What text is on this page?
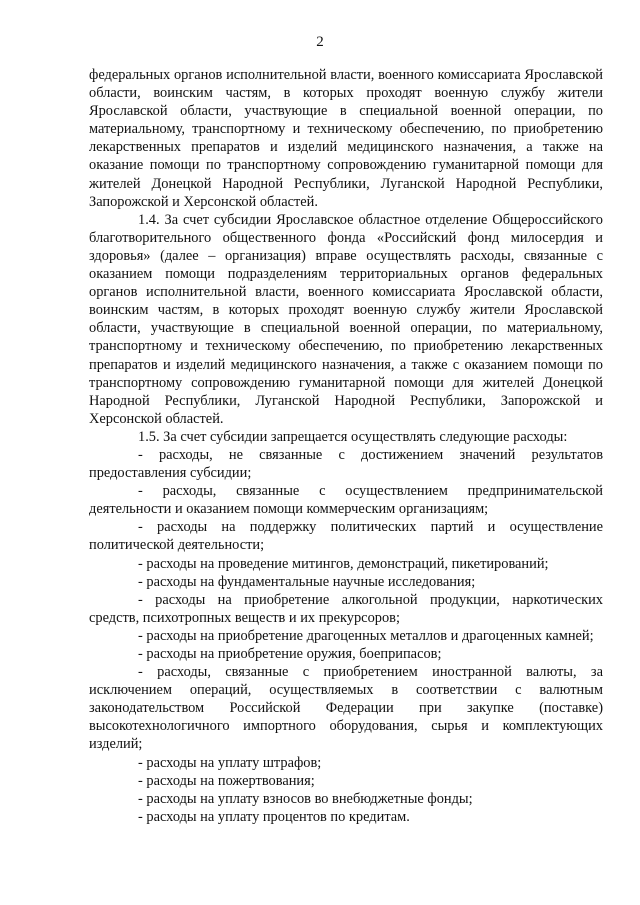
2

федеральных органов исполнительной власти, военного комиссариата Ярославской области, воинским частям, в которых проходят военную службу жители Ярославской области, участвующие в специальной военной операции, по материальному, транспортному и техническому обеспечению, по приобретению лекарственных препаратов и изделий медицинского назначения, а также на оказание помощи по транспортному сопровождению гуманитарной помощи для жителей Донецкой Народной Республики, Луганской Народной Республики, Запорожской и Херсонской областей.

1.4. За счет субсидии Ярославское областное отделение Общероссийского благотворительного общественного фонда «Российский фонд милосердия и здоровья» (далее – организация) вправе осуществлять расходы, связанные с оказанием помощи подразделениям территориальных органов федеральных органов исполнительной власти, военного комиссариата Ярославской области, воинским частям, в которых проходят военную службу жители Ярославской области, участвующие в специальной военной операции, по материальному, транспортному и техническому обеспечению, по приобретению лекарственных препаратов и изделий медицинского назначения, а также с оказанием помощи по транспортному сопровождению гуманитарной помощи для жителей Донецкой Народной Республики, Луганской Народной Республики, Запорожской и Херсонской областей.

1.5. За счет субсидии запрещается осуществлять следующие расходы:

- расходы, не связанные с достижением значений результатов предоставления субсидии;

- расходы, связанные с осуществлением предпринимательской деятельности и оказанием помощи коммерческим организациям;

- расходы на поддержку политических партий и осуществление политической деятельности;

- расходы на проведение митингов, демонстраций, пикетирований;

- расходы на фундаментальные научные исследования;

- расходы на приобретение алкогольной продукции, наркотических средств, психотропных веществ и их прекурсоров;

- расходы на приобретение драгоценных металлов и драгоценных камней;

- расходы на приобретение оружия, боеприпасов;

- расходы, связанные с приобретением иностранной валюты, за исключением операций, осуществляемых в соответствии с валютным законодательством Российской Федерации при закупке (поставке) высокотехнологичного импортного оборудования, сырья и комплектующих изделий;

- расходы на уплату штрафов;

- расходы на пожертвования;

- расходы на уплату взносов во внебюджетные фонды;

- расходы на уплату процентов по кредитам.
